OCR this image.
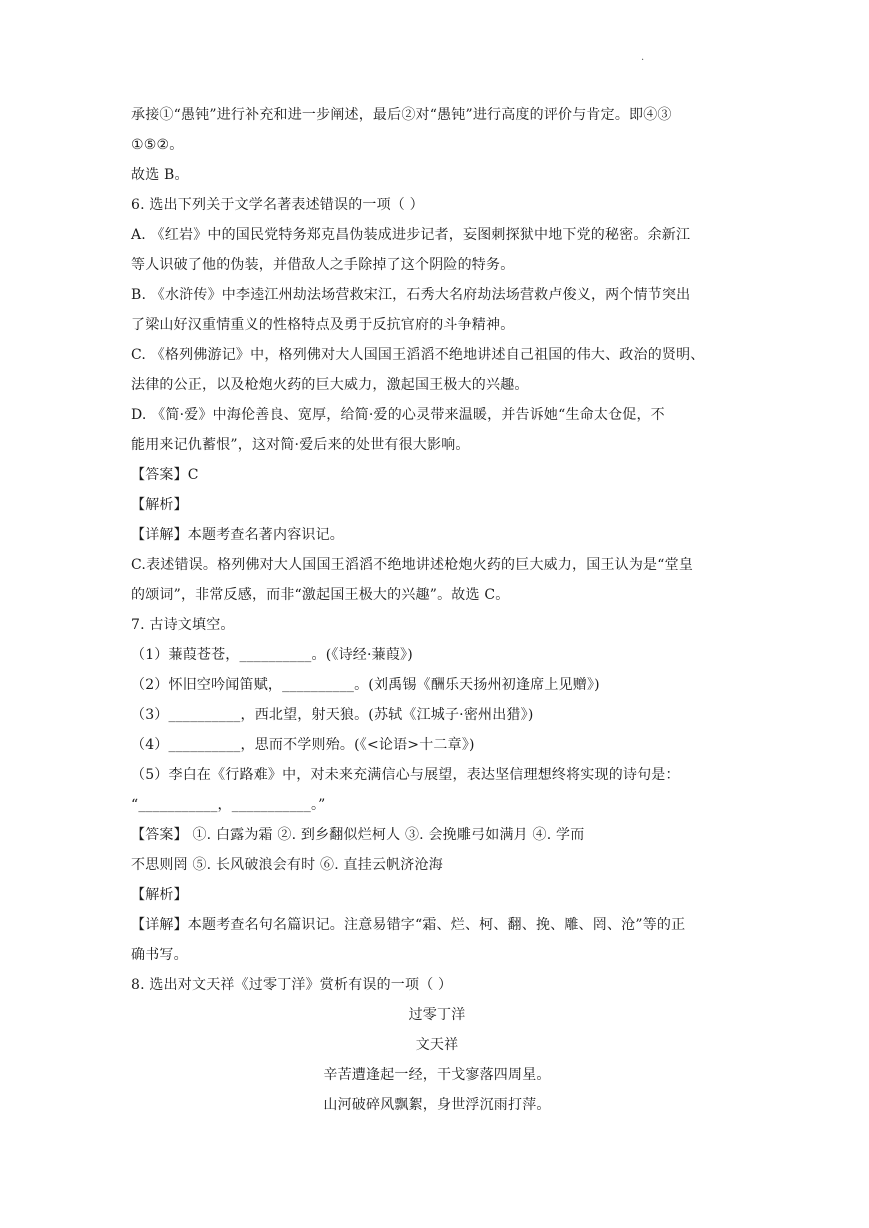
.
承接①“愚钝”进行补充和进一步阐述，最后②对“愚钝”进行高度的评价与肯定。即④③
①⑤②。
故选 B。
6. 选出下列关于文学名著表述错误的一项（ ）
A. 《红岩》中的国民党特务郑克昌伪装成进步记者，妄图刺探狱中地下党的秘密。余新江
等人识破了他的伪装，并借敌人之手除掉了这个阴险的特务。
B. 《水浒传》中李逵江州劫法场营救宋江，石秀大名府劫法场营救卢俊义，两个情节突出
了梁山好汉重情重义的性格特点及勇于反抗官府的斗争精神。
C. 《格列佛游记》中，格列佛对大人国国王滔滔不绝地讲述自己祖国的伟大、政治的贤明、
法律的公正，以及枪炮火药的巨大威力，激起国王极大的兴趣。
D. 《简·爱》中海伦善良、宽厚，给简·爱的心灵带来温暖，并告诉她“生命太仓促，不
能用来记仇蓄恨”，这对简·爱后来的处世有很大影响。
【答案】C
【解析】
【详解】本题考查名著内容识记。
C.表述错误。格列佛对大人国国王滔滔不绝地讲述枪炮火药的巨大威力，国王认为是“堂皇
的颂词”，非常反感，而非“激起国王极大的兴趣”。故选 C。
7. 古诗文填空。
（1）蒹葭苍苍，__________。(《诗经·蒹葭》)
（2）怀旧空吟闻笛赋，__________。(刘禹锡《酬乐天扬州初逢席上见赠》)
（3）__________，西北望，射天狼。(苏轼《江城子·密州出猎》)
（4）__________，思而不学则殆。(《<论语>十二章》)
（5）李白在《行路难》中，对未来充满信心与展望，表达坚信理想终将实现的诗句是：
“___________，___________。”
【答案】 ①. 白露为霜 ②. 到乡翻似烂柯人 ③. 会挽雕弓如满月 ④. 学而
不思则罔 ⑤. 长风破浪会有时 ⑥. 直挂云帆济沧海
【解析】
【详解】本题考查名句名篇识记。注意易错字“霜、烂、柯、翻、挽、雕、罔、沧”等的正
确书写。
8. 选出对文天祥《过零丁洋》赏析有误的一项（ ）
过零丁洋
文天祥
辛苦遭逢起一经，干戈寥落四周星。
山河破碎风飘絮，身世浮沉雨打萍。
